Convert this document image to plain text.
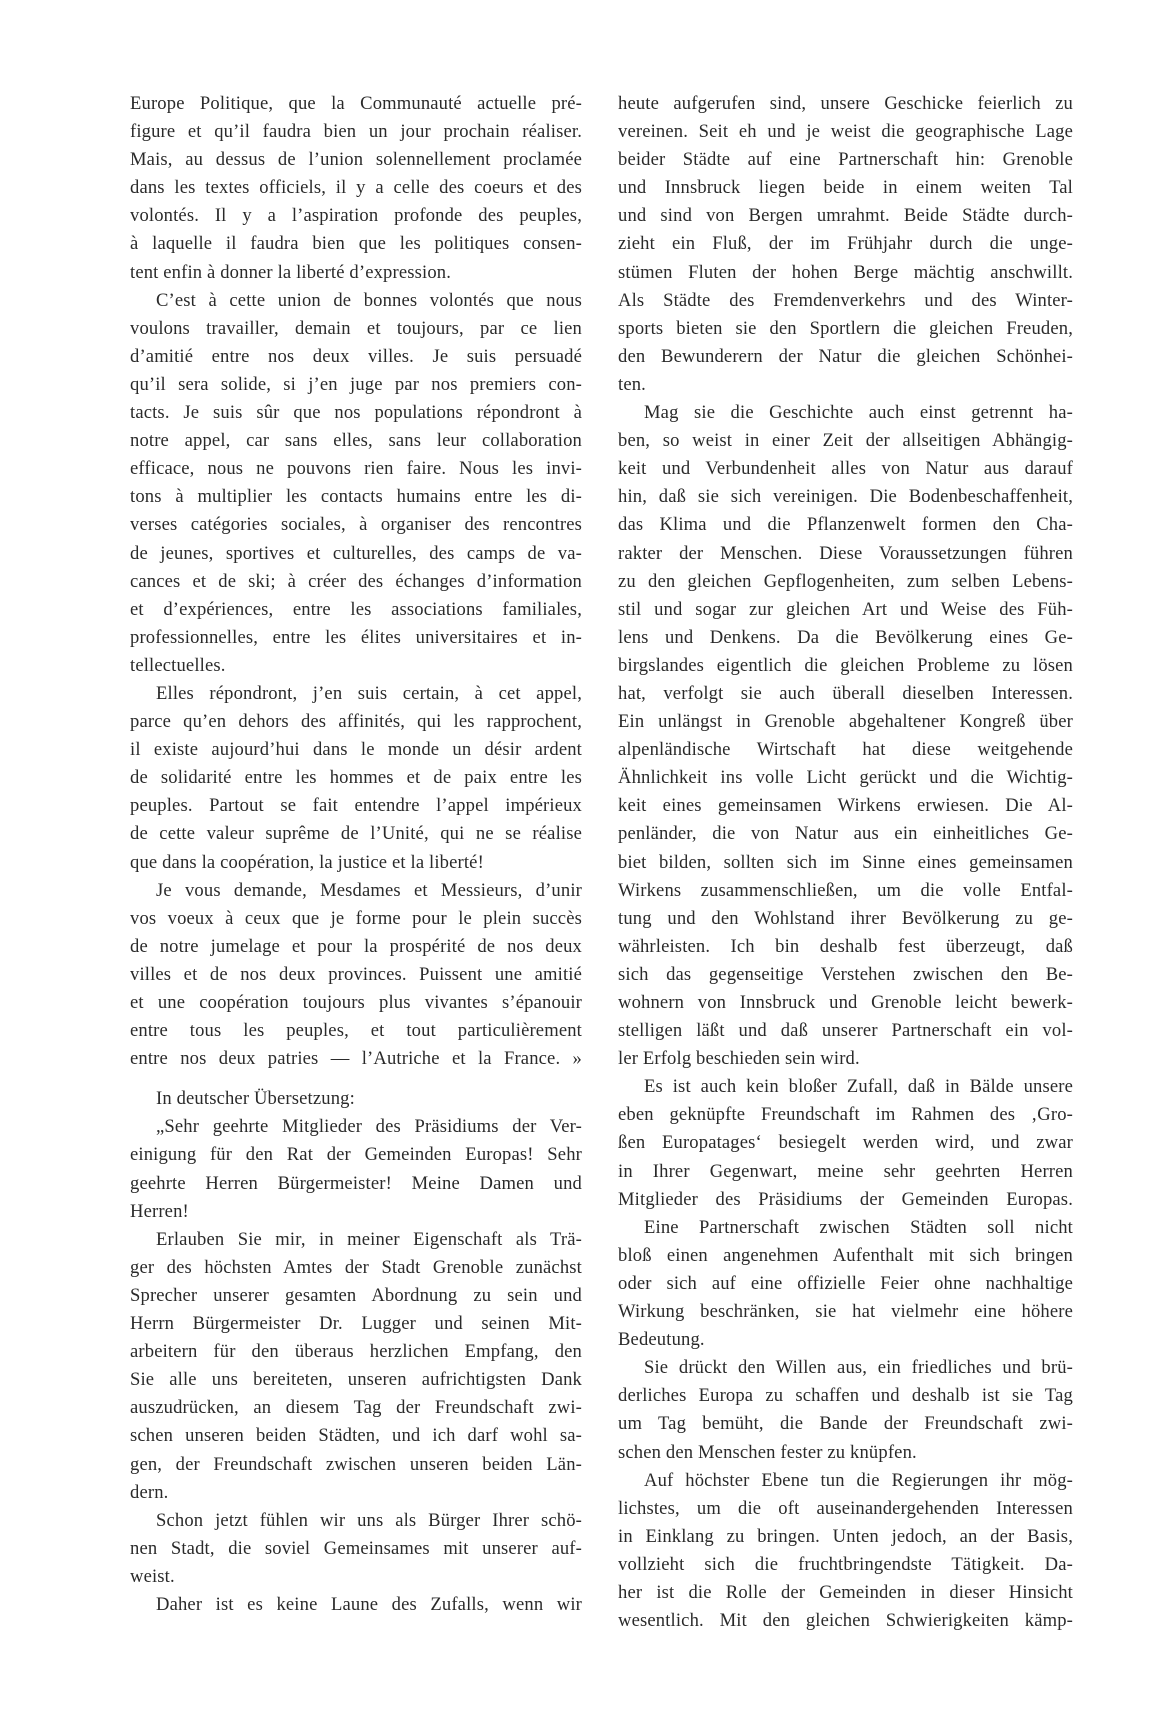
Europe Politique, que la Communauté actuelle pré-
figure et qu’il faudra bien un jour prochain réaliser.
Mais, au dessus de l’union solennellement proclamée
dans les textes officiels, il y a celle des coeurs et des
volontés. Il y a l’aspiration profonde des peuples,
à laquelle il faudra bien que les politiques consen-
tent enfin à donner la liberté d’expression.
C’est à cette union de bonnes volontés que nous
voulons travailler, demain et toujours, par ce lien
d’amitié entre nos deux villes. Je suis persuadé
qu’il sera solide, si j’en juge par nos premiers con-
tacts. Je suis sûr que nos populations répondront à
notre appel, car sans elles, sans leur collaboration
efficace, nous ne pouvons rien faire. Nous les invi-
tons à multiplier les contacts humains entre les di-
verses catégories sociales, à organiser des rencontres
de jeunes, sportives et culturelles, des camps de va-
cances et de ski; à créer des échanges d’information
et d’expériences, entre les associations familiales,
professionnelles, entre les élites universitaires et in-
tellectuelles.
Elles répondront, j’en suis certain, à cet appel,
parce qu’en dehors des affinités, qui les rapprochent,
il existe aujourd’hui dans le monde un désir ardent
de solidarité entre les hommes et de paix entre les
peuples. Partout se fait entendre l’appel impérieux
de cette valeur suprême de l’Unité, qui ne se réalise
que dans la coopération, la justice et la liberté!
Je vous demande, Mesdames et Messieurs, d’unir
vos voeux à ceux que je forme pour le plein succès
de notre jumelage et pour la prospérité de nos deux
villes et de nos deux provinces. Puissent une amitié
et une coopération toujours plus vivantes s’épanouir
entre tous les peuples, et tout particulièrement
entre nos deux patries — l’Autriche et la France. »
In deutscher Übersetzung:
„Sehr geehrte Mitglieder des Präsidiums der Ver-
einigung für den Rat der Gemeinden Europas! Sehr
geehrte Herren Bürgermeister! Meine Damen und
Herren!
Erlauben Sie mir, in meiner Eigenschaft als Trä-
ger des höchsten Amtes der Stadt Grenoble zunächst
Sprecher unserer gesamten Abordnung zu sein und
Herrn Bürgermeister Dr. Lugger und seinen Mit-
arbeitern für den überaus herzlichen Empfang, den
Sie alle uns bereiteten, unseren aufrichtigsten Dank
auszudrücken, an diesem Tag der Freundschaft zwi-
schen unseren beiden Städten, und ich darf wohl sa-
gen, der Freundschaft zwischen unseren beiden Län-
dern.
Schon jetzt fühlen wir uns als Bürger Ihrer schö-
nen Stadt, die soviel Gemeinsames mit unserer auf-
weist.
Daher ist es keine Laune des Zufalls, wenn wir
heute aufgerufen sind, unsere Geschicke feierlich zu
vereinen. Seit eh und je weist die geographische Lage
beider Städte auf eine Partnerschaft hin: Grenoble
und Innsbruck liegen beide in einem weiten Tal
und sind von Bergen umrahmt. Beide Städte durch-
zieht ein Fluß, der im Frühjahr durch die unge-
stümen Fluten der hohen Berge mächtig anschwillt.
Als Städte des Fremdenverkehrs und des Winter-
sports bieten sie den Sportlern die gleichen Freuden,
den Bewunderern der Natur die gleichen Schönhei-
ten.
Mag sie die Geschichte auch einst getrennt ha-
ben, so weist in einer Zeit der allseitigen Abhängig-
keit und Verbundenheit alles von Natur aus darauf
hin, daß sie sich vereinigen. Die Bodenbeschaffenheit,
das Klima und die Pflanzenwelt formen den Cha-
rakter der Menschen. Diese Voraussetzungen führen
zu den gleichen Gepflogenheiten, zum selben Lebens-
stil und sogar zur gleichen Art und Weise des Füh-
lens und Denkens. Da die Bevölkerung eines Ge-
birgslandes eigentlich die gleichen Probleme zu lösen
hat, verfolgt sie auch überall dieselben Interessen.
Ein unlängst in Grenoble abgehaltener Kongreß über
alpenländische Wirtschaft hat diese weitgehende
Ähnlichkeit ins volle Licht gerückt und die Wichtig-
keit eines gemeinsamen Wirkens erwiesen. Die Al-
penländer, die von Natur aus ein einheitliches Ge-
biet bilden, sollten sich im Sinne eines gemeinsamen
Wirkens zusammenschließen, um die volle Entfal-
tung und den Wohlstand ihrer Bevölkerung zu ge-
währleisten. Ich bin deshalb fest überzeugt, daß
sich das gegenseitige Verstehen zwischen den Be-
wohnern von Innsbruck und Grenoble leicht bewerk-
stelligen läßt und daß unserer Partnerschaft ein vol-
ler Erfolg beschieden sein wird.
Es ist auch kein bloßer Zufall, daß in Bälde unsere
eben geknüpfte Freundschaft im Rahmen des ‚Gro-
ßen Europatages‘ besiegelt werden wird, und zwar
in Ihrer Gegenwart, meine sehr geehrten Herren
Mitglieder des Präsidiums der Gemeinden Europas.
Eine Partnerschaft zwischen Städten soll nicht
bloß einen angenehmen Aufenthalt mit sich bringen
oder sich auf eine offizielle Feier ohne nachhaltige
Wirkung beschränken, sie hat vielmehr eine höhere
Bedeutung.
Sie drückt den Willen aus, ein friedliches und brü-
derliches Europa zu schaffen und deshalb ist sie Tag
um Tag bemüht, die Bande der Freundschaft zwi-
schen den Menschen fester zu knüpfen.
Auf höchster Ebene tun die Regierungen ihr mög-
lichstes, um die oft auseinandergehenden Interessen
in Einklang zu bringen. Unten jedoch, an der Basis,
vollzieht sich die fruchtbringendste Tätigkeit. Da-
her ist die Rolle der Gemeinden in dieser Hinsicht
wesentlich. Mit den gleichen Schwierigkeiten kämp-
